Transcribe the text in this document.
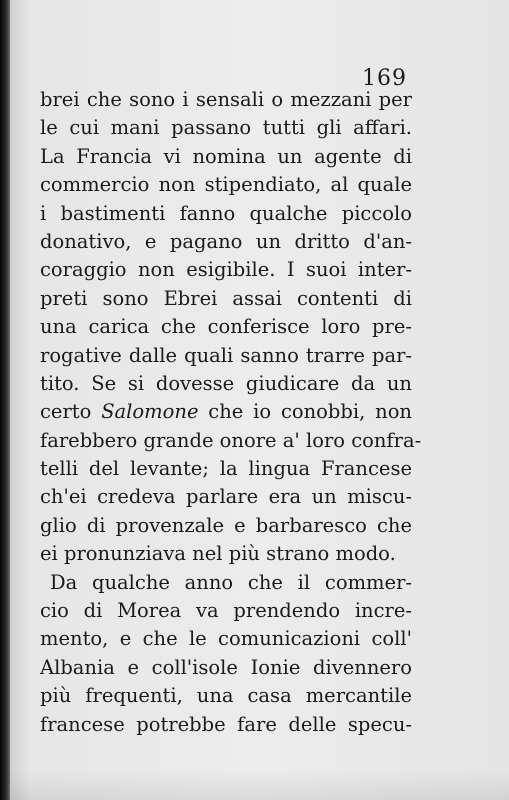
169
brei che sono i sensali o mezzani per
le cui mani passano tutti gli affari.
La Francia vi nomina un agente di
commercio non stipendiato, al quale
i bastimenti fanno qualche piccolo
donativo, e pagano un dritto d'an-
coraggio non esigibile. I suoi inter-
preti sono Ebrei assai contenti di
una carica che conferisce loro pre-
rogative dalle quali sanno trarre par-
tito. Se si dovesse giudicare da un
certo Salomone che io conobbi, non
farebbero grande onore a' loro confra-
telli del levante; la lingua Francese
ch'ei credeva parlare era un miscu-
glio di provenzale e barbaresco che
ei pronunziava nel più strano modo.
Da qualche anno che il commer-
cio di Morea va prendendo incre-
mento, e che le comunicazioni coll'
Albania e coll'isole Ionie divennero
più frequenti, una casa mercantile
francese potrebbe fare delle specu-
